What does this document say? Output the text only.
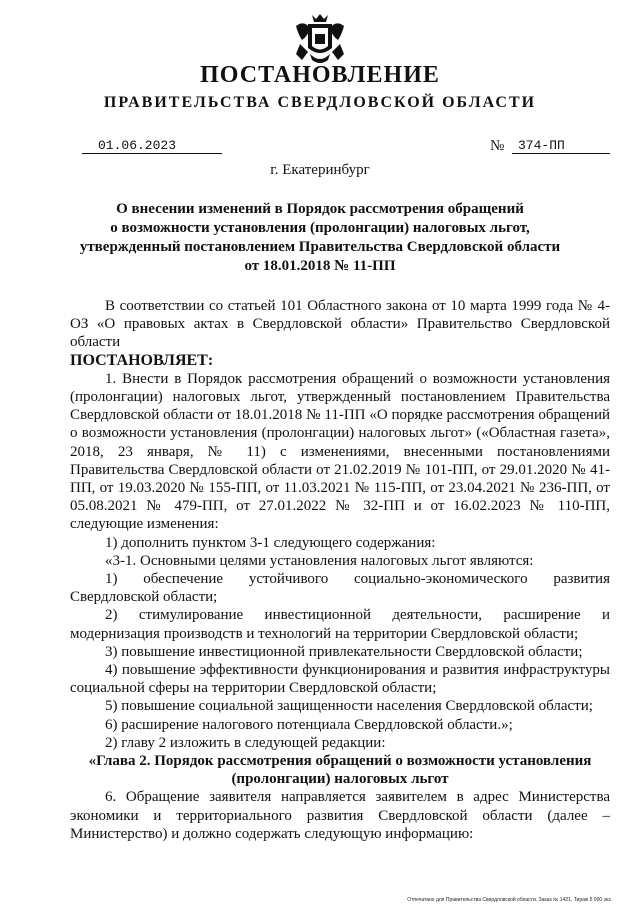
ПОСТАНОВЛЕНИЕ
ПРАВИТЕЛЬСТВА СВЕРДЛОВСКОЙ ОБЛАСТИ
01.06.2023	№	374-ПП
г. Екатеринбург
О внесении изменений в Порядок рассмотрения обращений
о возможности установления (пролонгации) налоговых льгот,
утвержденный постановлением Правительства Свердловской области
от 18.01.2018 № 11-ПП

В соответствии со статьей 101 Областного закона от 10 марта 1999 года № 4-ОЗ «О правовых актах в Свердловской области» Правительство Свердловской области

ПОСТАНОВЛЯЕТ:

1. Внести в Порядок рассмотрения обращений о возможности установления (пролонгации) налоговых льгот, утвержденный постановлением Правительства Свердловской области от 18.01.2018 № 11-ПП «О порядке рассмотрения обращений о возможности установления (пролонгации) налоговых льгот» («Областная газета», 2018, 23 января, № 11) с изменениями, внесенными постановлениями Правительства Свердловской области от 21.02.2019 № 101-ПП, от 29.01.2020 № 41-ПП, от 19.03.2020 № 155-ПП, от 11.03.2021 № 115-ПП, от 23.04.2021 № 236-ПП, от 05.08.2021 № 479-ПП, от 27.01.2022 № 32-ПП и от 16.02.2023 № 110-ПП, следующие изменения:

1) дополнить пунктом 3-1 следующего содержания:

«3-1. Основными целями установления налоговых льгот являются:

1) обеспечение устойчивого социально-экономического развития Свердловской области;

2) стимулирование инвестиционной деятельности, расширение и модернизация производств и технологий на территории Свердловской области;

3) повышение инвестиционной привлекательности Свердловской области;

4) повышение эффективности функционирования и развития инфраструктуры социальной сферы на территории Свердловской области;

5) повышение социальной защищенности населения Свердловской области;

6) расширение налогового потенциала Свердловской области.»;

2) главу 2 изложить в следующей редакции:

«Глава 2. Порядок рассмотрения обращений о возможности установления (пролонгации) налоговых льгот

6. Обращение заявителя направляется заявителем в адрес Министерства экономики и территориального развития Свердловской области (далее – Министерство) и должно содержать следующую информацию:

Отпечатано для Правительства Свердловской области. Заказ № 1421. Тираж 5 000 экз.
